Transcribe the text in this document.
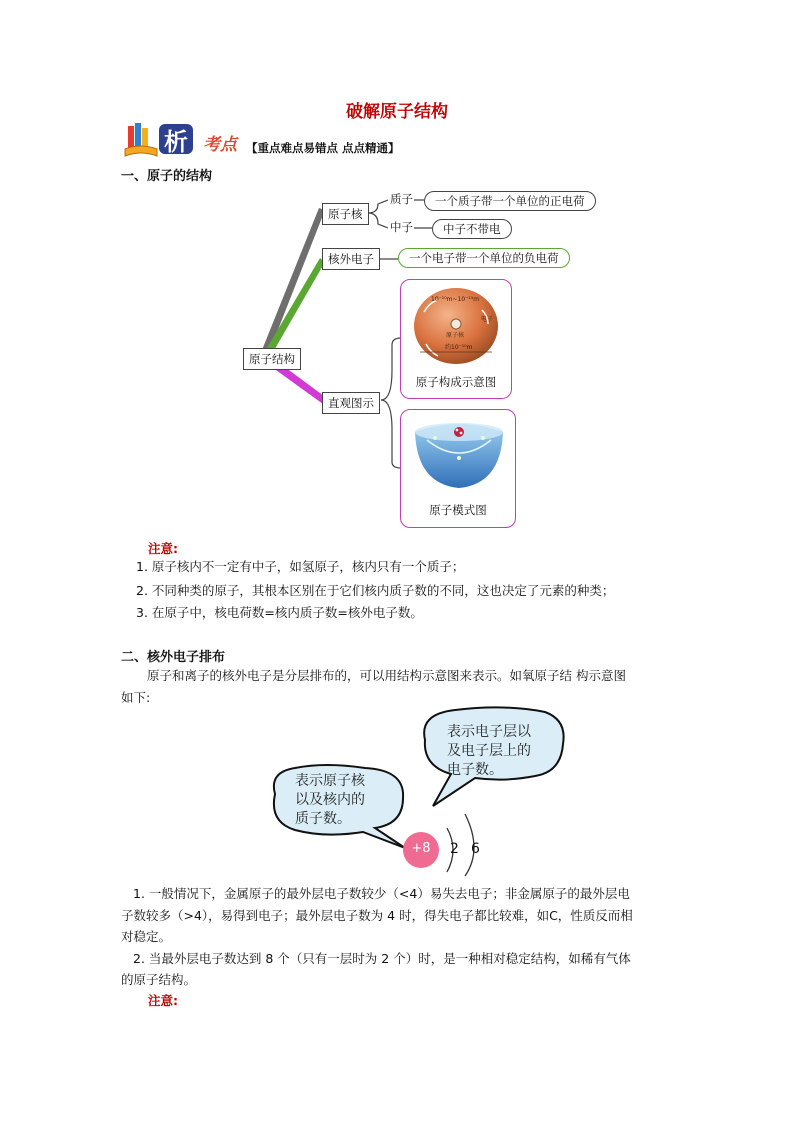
破解原子结构
析 考点 【重点难点易错点 点点精通】
一、原子的结构
原子结构
原子核
质子	一个质子带一个单位的正电荷
中子	中子不带电
核外电子	一个电子带一个单位的负电荷
直观图示
10⁻¹⁰m~10⁻¹⁵m
电子
原子核
约10⁻¹⁰m
原子构成示意图
原子模式图
注意:
1. 原子核内不一定有中子，如氢原子，核内只有一个质子；
2. 不同种类的原子，其根本区别在于它们核内质子数的不同，这也决定了元素的种类；
3. 在原子中，核电荷数=核内质子数=核外电子数。
二、核外电子排布
原子和离子的核外电子是分层排布的，可以用结构示意图来表示。如氧原子结 构示意图
如下:
表示原子核
以及核内的
质子数。
表示电子层以
及电子层上的
电子数。
+8	2 6
1. 一般情况下，金属原子的最外层电子数较少（<4）易失去电子；非金属原子的最外层电
子数较多（>4），易得到电子；最外层电子数为 4 时，得失电子都比较难，如C，性质反而相
对稳定。
2. 当最外层电子数达到 8 个（只有一层时为 2 个）时，是一种相对稳定结构，如稀有气体
的原子结构。
注意:
